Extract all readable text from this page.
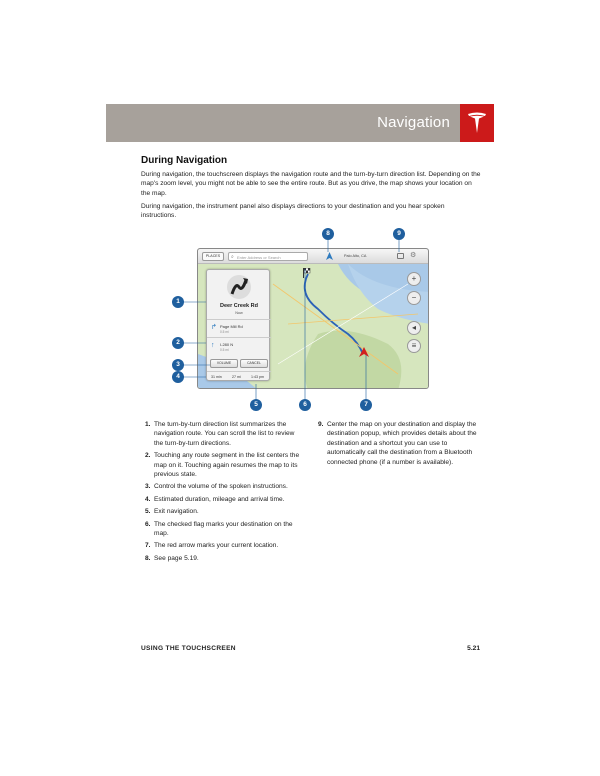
Navigation
During Navigation

During navigation, the touchscreen displays the navigation route and the turn-by-turn direction list. Depending on the map's zoom level, you might not be able to see the entire route. But as you drive, the map shows your location on the map.

During navigation, the instrument panel also displays directions to your destination and you hear spoken instructions.

PLACES	⌕ Enter Address or Search	Palo Alto, CA	⚙
+
−
◂
≡
Deer Creek Rd
Now
↱ Page Mill Rd
0.5 mi
↑ I-280 N
0.5 mi
VOLUME	CANCEL
31 min	27 mi	1:43 pm
1
2
3
4
5	6	7
8	9
1. The turn-by-turn direction list summarizes the navigation route. You can scroll the list to review the turn-by-turn directions.
2. Touching any route segment in the list centers the map on it. Touching again resumes the map to its previous state.
3. Control the volume of the spoken instructions.
4. Estimated duration, mileage and arrival time.
5. Exit navigation.
6. The checked flag marks your destination on the map.
7. The red arrow marks your current location.
8. See page 5.19.
9. Center the map on your destination and display the destination popup, which provides details about the destination and a shortcut you can use to automatically call the destination from a Bluetooth connected phone (if a number is available).
USING THE TOUCHSCREEN	5.21
